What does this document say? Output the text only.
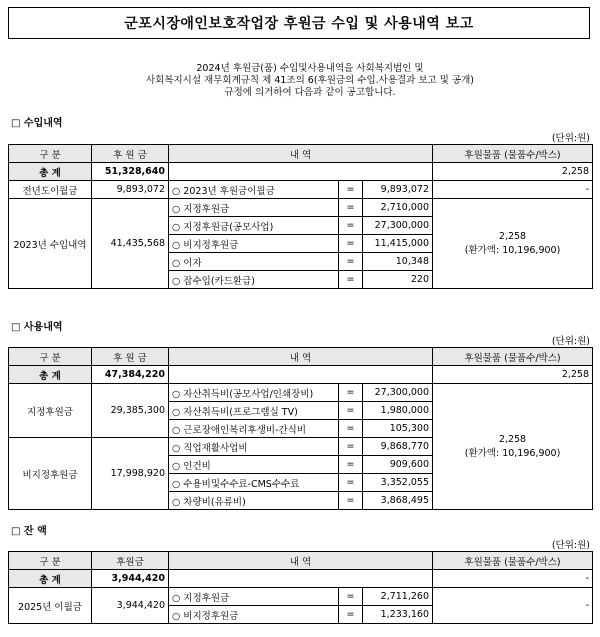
군포시장애인보호작업장 후원금 수입 및 사용내역 보고
2024년 후원금(품) 수입및사용내역을 사회복지법인 및
사회복지시설 재무회계규칙 제 41조의 6(후원금의 수입.사용결과 보고 및 공개)
규정에 의거하여 다음과 같이 공고합니다.
□ 수입내역
(단위:원)
구 분	후 원 금	내 역			후원물품 (물품수/박스)
총 계	51,328,640				2,258
전년도이월금	9,893,072	○ 2023년 후원금이월금	=	9,893,072	-
2023년 수입내역	41,435,568	○ 지정후원금	=	2,710,000	2,258
(환가액: 10,196,900)

		○ 지정후원금(공모사업)	=	27,300,000	
		○ 비지정후원금	=	11,415,000	
		○ 이자	=	10,348	
		○ 잡수입(카드환급)	=	220	
□ 사용내역
(단위:원)
구 분	후 원 금	내 역			후원물품 (물품수/박스)
총 계	47,384,220				2,258
지정후원금	29,385,300	○ 자산취득비(공모사업/인쇄장비)	=	27,300,000	2,258
(환가액: 10,196,900)

		○ 자산취득비(프로그램실 TV)	=	1,980,000	
		○ 근로장애인복리후생비-간식비	=	105,300	
비지정후원금	17,998,920	○ 직업재활사업비	=	9,868,770	
		○ 인건비	=	909,600	
		○ 수용비및수수료-CMS수수료	=	3,352,055	
		○ 차량비(유류비)	=	3,868,495	
□ 잔 액
(단위:원)
구 분	후원금	내 역			후원물품 (물품수/박스)
총 계	3,944,420				-
2025년 이월금	3,944,420	○ 지정후원금	=	2,711,260	-
		○ 비지정후원금	=	1,233,160	
